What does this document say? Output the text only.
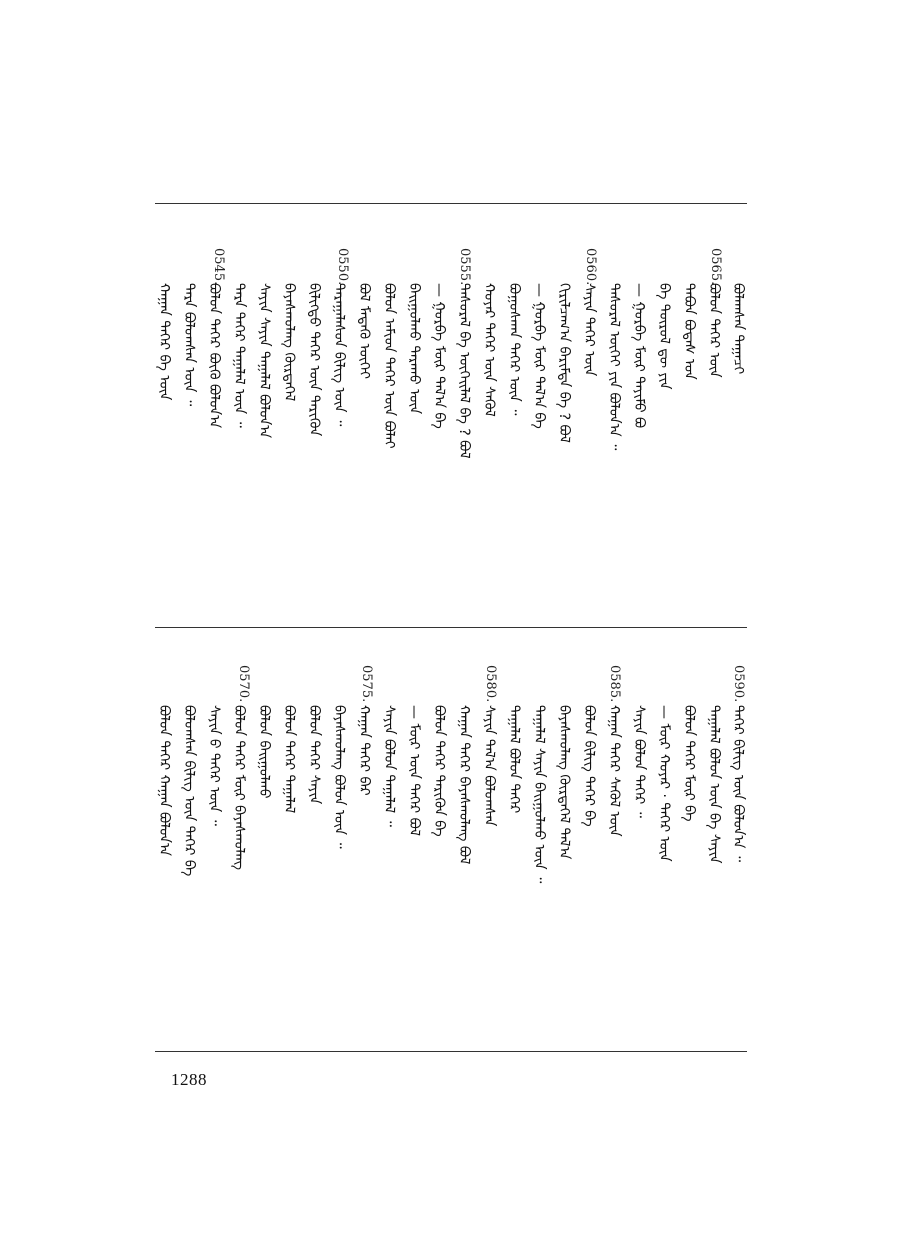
0565.
0560.
0555.
0550.
0545.
ᠪᠣᠯᠠᠭᠰᠠᠨ ᠲᠠᠭᠠᠴᠢ
ᠪᠣᠯᠤᠨ ᠲᠡᠭᠡᠷ ᠦᠨ
ᠲᠠᠪᠤᠨ ᠪᠣᠳᠠᠰ ᠤᠨ
ᠪᠠ ᠲᠥᠷᠥᠯ ᠳᠦ ᠶᠢᠨ
— ᠭᠤᠷᠪᠠ ᠮᠥᠷ ᠲᠡᠶᠢᠮᠦ ᠪᠤ
ᠲᠠᠰᠤᠷᠠᠯ ᠦᠭᠡᠢ ᠶᠢᠨ ᠪᠣᠯᠤᠨ᠎ᠠ ᠃
ᠰᠠᠶᠢᠨ ᠲᠡᠭᠡᠷ ᠦᠨ
ᠬᠢᠷᠢᠯᠴᠠᠭ᠎ᠠ ᠪᠠᠷᠢᠮᠲᠠ ᠪᠠ ? ᠪᠣᠯ
— ᠭᠤᠷᠪᠠ ᠮᠥᠷ ᠲᠠᠯ᠎ᠠ ᠪᠠ
ᠪᠣᠭᠤᠰᠬᠠᠨ ᠲᠡᠭᠡᠷ ᠦᠨ ᠃
ᠬᠣᠶᠠᠷ ᠲᠡᠭᠡᠷ ᠦᠨ ᠰᠡᠭᠦᠯ
ᠲᠠᠰᠤᠷᠠᠯ ᠪᠠ ᠦᠭᠡᠢᠯᠡᠯ ᠪᠠ ? ᠪᠣᠯ
— ᠭᠤᠷᠪᠠ ᠮᠥᠷ ᠲᠠᠯ᠎ᠠ ᠪᠠ
ᠪᠠᠢᠭᠤᠯᠬᠤ ᠲᠠᠷᠠᠬᠤ ᠦᠨ
ᠪᠣᠯᠤᠨ ᠠᠮᠢᠳ ᠲᠡᠭᠡᠷ ᠦᠨ ᠪᠣᠯᠠᠢ
ᠪᠣᠯ ᠮᠡᠳᠡᠬᠦ ᠦᠭᠡᠢ
ᠳᠠᠷᠠᠭᠠᠯᠠᠰᠤᠨ ᠪᠢᠯᠢᠭ ᠦᠨ ᠃
ᠪᠢᠯᠢᠭᠲᠦ ᠲᠡᠭᠡᠷ ᠦᠨ ᠲᠡᠷᠢᠭᠦᠨ
ᠪᠠᠶᠠᠰᠬᠤᠯᠠᠩ ᠬᠦᠷᠲᠡᠭᠡᠯ
ᠰᠠᠶᠢᠨ ᠰᠠᠶᠢᠨ ᠲᠠᠭᠠᠯᠠᠯ ᠪᠣᠯᠤᠨ᠎ᠠ
ᠲᠡᠷᠡ ᠲᠡᠭᠡᠷ ᠲᠠᠭᠠᠯᠠᠯ ᠦᠨ ᠃
ᠪᠣᠯᠤᠨ ᠲᠡᠭᠡᠷ ᠪᠦᠬᠦ ᠪᠣᠯᠤᠨ᠎ᠠ
ᠲᠡᠷᠡ ᠪᠣᠯᠤᠭᠰᠠᠨ ᠦᠨ ᠃
ᠬᠠᠭᠠᠨ ᠲᠡᠭᠡᠷ ᠪᠠ ᠦᠨ
0590.
0585.
0580.
0575.
0570.
ᠲᠡᠭᠡᠷ ᠪᠢᠯᠢᠭ ᠦᠨ ᠪᠣᠯᠤᠨ᠎ᠠ ᠃
ᠲᠠᠭᠠᠯᠠᠯ ᠪᠣᠯᠤᠨ ᠦᠨ ᠪᠠ ᠰᠠᠶᠢᠨ
ᠪᠣᠯᠤᠨ ᠲᠡᠭᠡᠷ ᠮᠥᠷ ᠪᠠ
— ᠮᠥᠷ ᠬᠣᠶᠠᠷ · ᠲᠡᠭᠡᠷ ᠦᠨ
ᠰᠠᠶᠢᠨ ᠪᠣᠯᠤᠨ ᠲᠡᠭᠡᠷ ᠃
ᠬᠠᠭᠠᠨ ᠲᠡᠭᠡᠷ ᠰᠡᠭᠦᠯ ᠦᠨ
ᠪᠣᠯᠤᠨ ᠪᠢᠯᠢᠭ ᠲᠡᠭᠡᠷ ᠪᠠ
ᠪᠠᠶᠠᠰᠬᠤᠯᠠᠩ ᠬᠦᠷᠲᠡᠭᠡᠯ ᠲᠠᠯ᠎ᠠ
ᠲᠠᠭᠠᠯᠠᠯ ᠰᠠᠶᠢᠨ ᠪᠠᠢᠭᠤᠯᠬᠤ ᠦᠨ ᠃
ᠲᠠᠭᠠᠯᠠᠯ ᠪᠣᠯᠤᠨ ᠲᠡᠭᠡᠷ
ᠰᠠᠶᠢᠨ ᠲᠠᠯ᠎ᠠ ᠪᠣᠯᠤᠭᠰᠠᠨ
ᠬᠠᠭᠠᠨ ᠲᠡᠭᠡᠷ ᠪᠠᠶᠠᠰᠬᠤᠯᠠᠩ ᠪᠣᠯ
ᠪᠣᠯᠤᠨ ᠲᠡᠭᠡᠷ ᠲᠡᠷᠢᠭᠦᠨ ᠪᠠ
— ᠮᠥᠷ ᠦᠨ ᠲᠡᠭᠡᠷ ᠪᠣᠯ
ᠰᠠᠶᠢᠨ ᠪᠣᠯᠤᠨ ᠲᠠᠭᠠᠯᠠᠯ ᠃
ᠬᠠᠭᠠᠨ ᠲᠡᠭᠡᠷ ᠪᠠᠷ
ᠪᠠᠶᠠᠰᠬᠤᠯᠠᠩ ᠪᠣᠯᠤᠨ ᠦᠨ ᠃
ᠪᠣᠯᠤᠨ ᠲᠡᠭᠡᠷ ᠰᠠᠶᠢᠨ
ᠪᠣᠯᠤᠨ ᠲᠡᠭᠡᠷ ᠲᠠᠭᠠᠯᠠᠯ
ᠪᠣᠯᠤᠨ ᠪᠠᠢᠭᠤᠯᠬᠤ
ᠪᠣᠯᠤᠨ ᠲᠡᠭᠡᠷ ᠮᠥᠷ ᠪᠠᠶᠠᠰᠬᠤᠯᠠᠩ
ᠰᠠᠶᠢᠨ ᠪ ᠲᠡᠭᠡᠷ ᠦᠨ ᠃
ᠪᠣᠯᠤᠭᠰᠠᠨ ᠪᠢᠯᠢᠭ ᠦᠨ ᠲᠡᠭᠡᠷ ᠪᠠ
ᠪᠣᠯᠤᠨ ᠲᠡᠭᠡᠷ ᠬᠠᠭᠠᠨ ᠪᠣᠯᠤᠨ᠎ᠠ
1288
